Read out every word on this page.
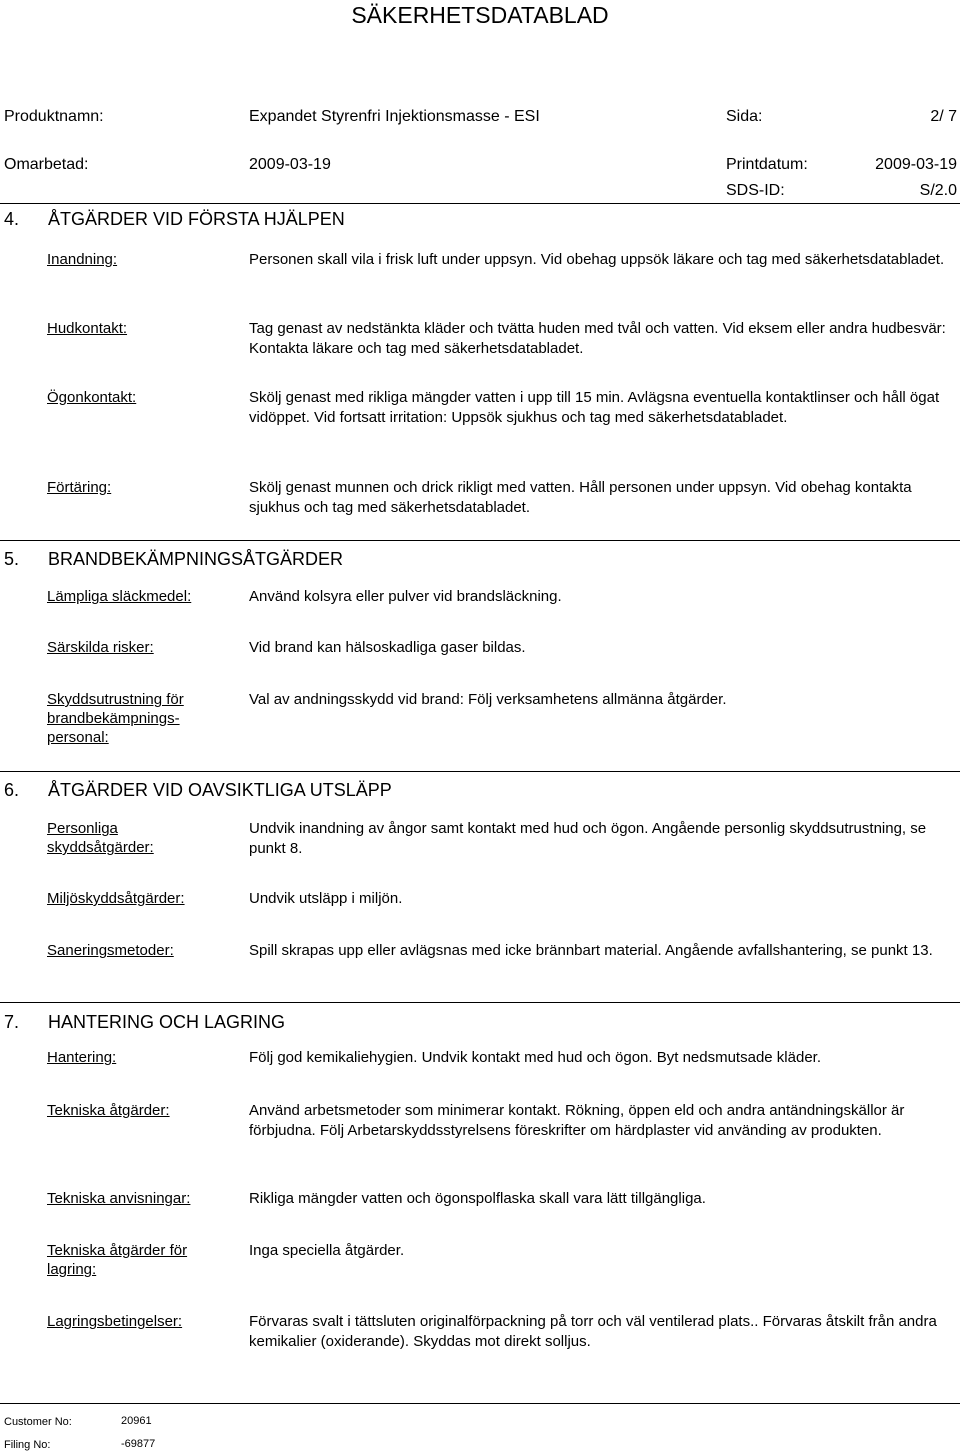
SÄKERHETSDATABLAD
Produktnamn:	Expandet Styrenfri Injektionsmasse - ESI	Sida:	2/ 7
Omarbetad:	2009-03-19	Printdatum:	2009-03-19
SDS-ID:	S/2.0
4. ÅTGÄRDER VID FÖRSTA HJÄLPEN
Inandning:	Personen skall vila i frisk luft under uppsyn. Vid obehag uppsök läkare och tag med säkerhetsdatabladet.
Hudkontakt:	Tag genast av nedstänkta kläder och tvätta huden med tvål och vatten. Vid eksem eller andra hudbesvär: Kontakta läkare och tag med säkerhetsdatabladet.
Ögonkontakt:	Skölj genast med rikliga mängder vatten i upp till 15 min. Avlägsna eventuella kontaktlinser och håll ögat vidöppet. Vid fortsatt irritation: Uppsök sjukhus och tag med säkerhetsdatabladet.
Förtäring:	Skölj genast munnen och drick rikligt med vatten. Håll personen under uppsyn. Vid obehag kontakta sjukhus och tag med säkerhetsdatabladet.
5. BRANDBEKÄMPNINGSÅTGÄRDER
Lämpliga släckmedel:	Använd kolsyra eller pulver vid brandsläckning.
Särskilda risker:	Vid brand kan hälsoskadliga gaser bildas.
Skyddsutrustning för brandbekämpnings-personal:
Val av andningsskydd vid brand: Följ verksamhetens allmänna åtgärder.
6. ÅTGÄRDER VID OAVSIKTLIGA UTSLÄPP
Personliga skyddsåtgärder:
Undvik inandning av ångor samt kontakt med hud och ögon. Angående personlig skyddsutrustning, se punkt 8.
Miljöskyddsåtgärder:	Undvik utsläpp i miljön.
Saneringsmetoder:	Spill skrapas upp eller avlägsnas med icke brännbart material. Angående avfallshantering, se punkt 13.
7. HANTERING OCH LAGRING
Hantering:	Följ god kemikaliehygien. Undvik kontakt med hud och ögon. Byt nedsmutsade kläder.
Tekniska åtgärder:	Använd arbetsmetoder som minimerar kontakt. Rökning, öppen eld och andra antändningskällor är förbjudna. Följ Arbetarskyddsstyrelsens föreskrifter om härdplaster vid använding av produkten.
Tekniska anvisningar:	Rikliga mängder vatten och ögonspolflaska skall vara lätt tillgängliga.
Tekniska åtgärder för lagring:
Inga speciella åtgärder.
Lagringsbetingelser:	Förvaras svalt i tättsluten originalförpackning på torr och väl ventilerad plats.. Förvaras åtskilt från andra kemikalier (oxiderande). Skyddas mot direkt solljus.
Customer No:	20961
Filing No:	-69877
